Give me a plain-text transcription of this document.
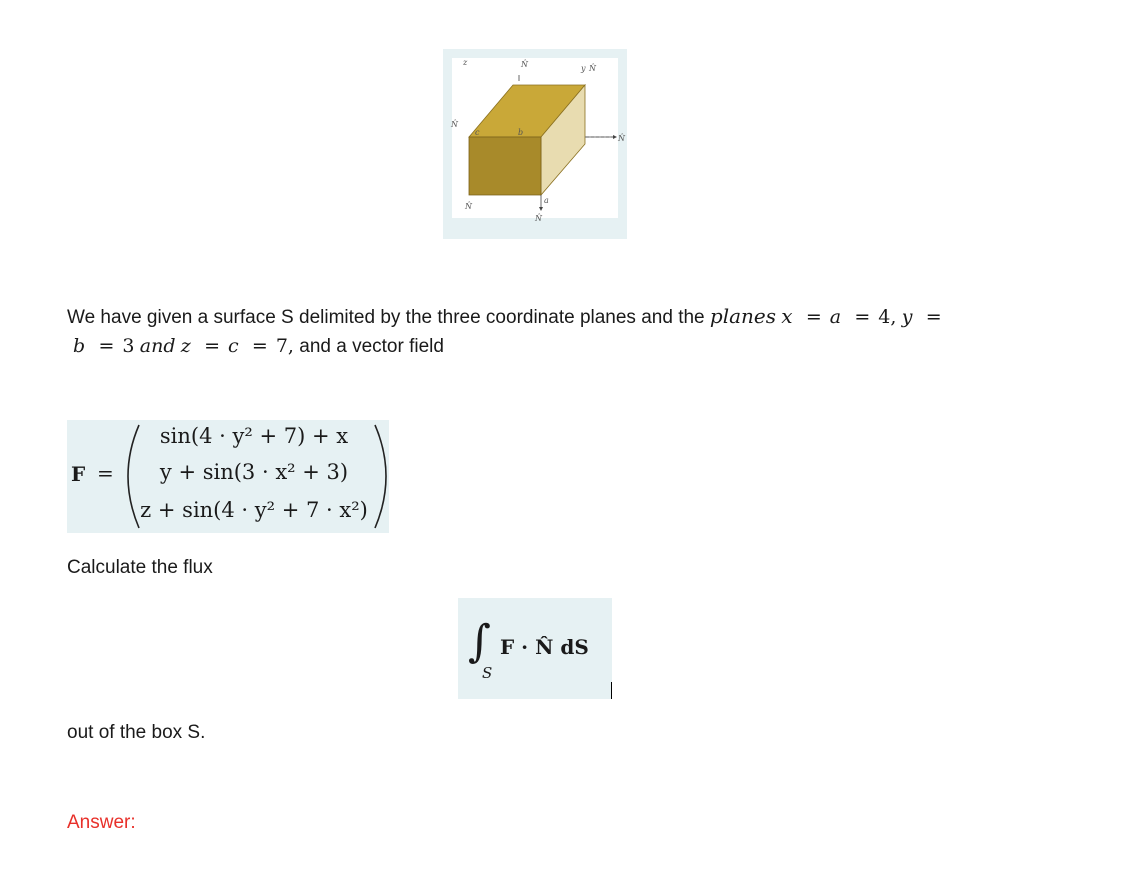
z	N̂	y N̂
N̂
N̂
N̂
N̂
c	b
a
We have given a surface S delimited by the three coordinate planes and the planes x = a = 4, y =
b = 3 and z = c = 7, and a vector field
F =
sin(4 · y² + 7) + x
y + sin(3 · x² + 3)
z + sin(4 · y² + 7 · x²)
Calculate the flux
∫
S
F · N̂ dS
out of the box S.
Answer:
